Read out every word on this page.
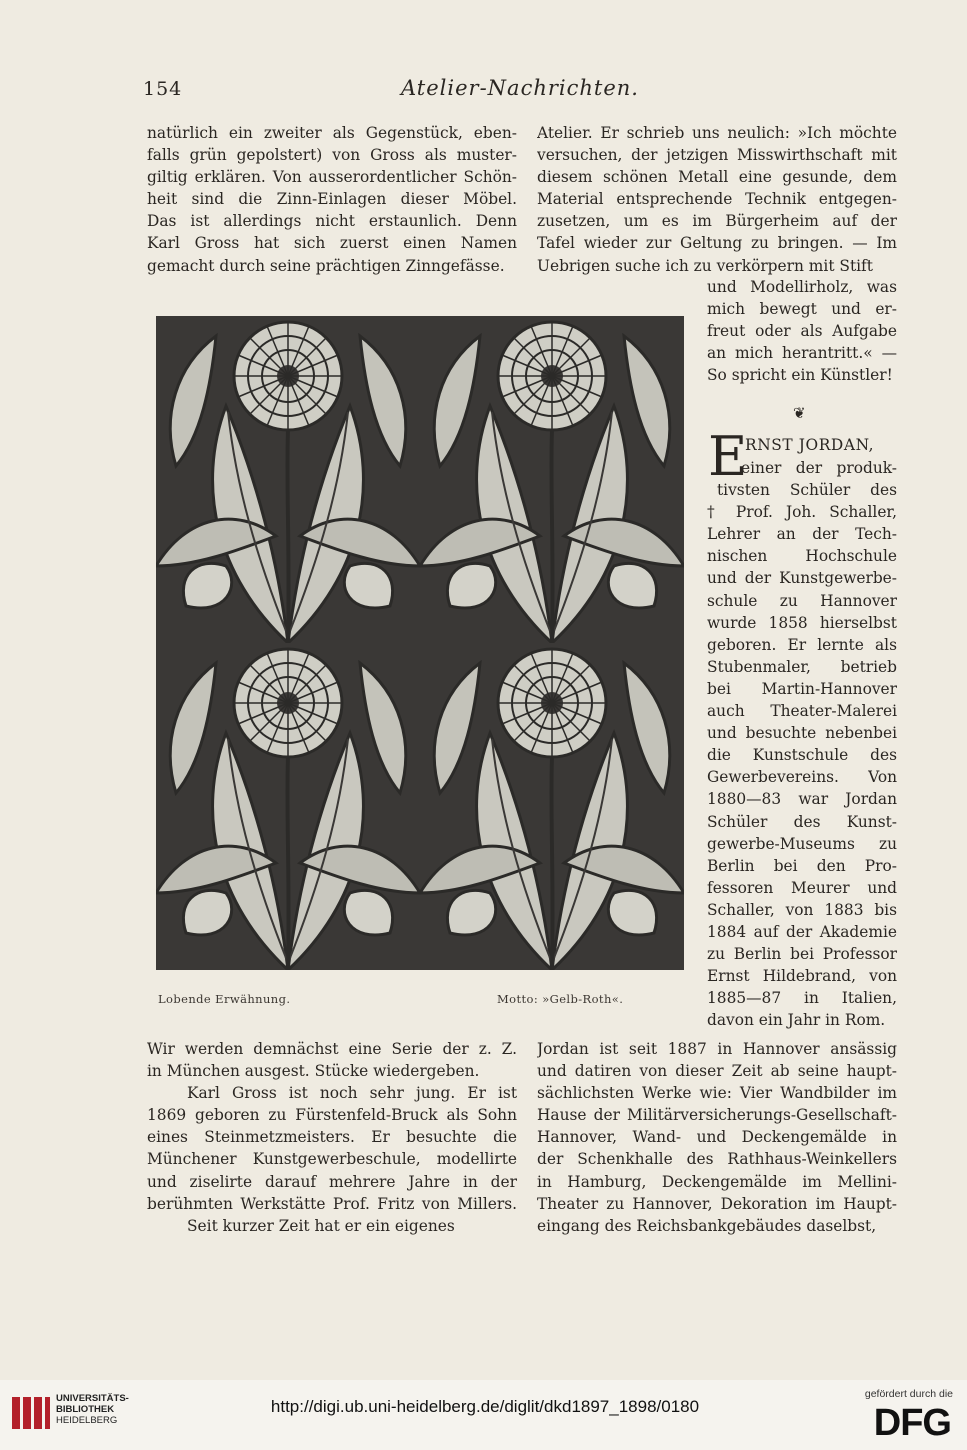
154	Atelier-Nachrichten.
natürlich ein zweiter als Gegenstück, eben-
falls grün gepolstert) von Gross als muster-
giltig erklären. Von ausserordentlicher Schön-
heit sind die Zinn-Einlagen dieser Möbel.
Das ist allerdings nicht erstaunlich. Denn
Karl Gross hat sich zuerst einen Namen
gemacht durch seine prächtigen Zinngefässe.
Atelier. Er schrieb uns neulich: »Ich möchte
versuchen, der jetzigen Misswirthschaft mit
diesem schönen Metall eine gesunde, dem
Material entsprechende Technik entgegen-
zusetzen, um es im Bürgerheim auf der
Tafel wieder zur Geltung zu bringen. — Im
Uebrigen suche ich zu verkörpern mit Stift
und Modellirholz, was
mich bewegt und er-
freut oder als Aufgabe
an mich herantritt.« —
So spricht ein Künstler!
❦
E
RNST JORDAN,
einer der produk-
tivsten Schüler des
† Prof. Joh. Schaller,
Lehrer an der Tech-
nischen Hochschule
und der Kunstgewerbe-
schule zu Hannover
wurde 1858 hierselbst
geboren. Er lernte als
Stubenmaler, betrieb
bei Martin-Hannover
auch Theater-Malerei
und besuchte nebenbei
die Kunstschule des
Gewerbevereins. Von
1880—83 war Jordan
Schüler des Kunst-
gewerbe-Museums zu
Berlin bei den Pro-
fessoren Meurer und
Schaller, von 1883 bis
1884 auf der Akademie
zu Berlin bei Professor
Ernst Hildebrand, von
1885—87 in Italien,
davon ein Jahr in Rom.
Lobende Erwähnung.	Motto: »Gelb-Roth«.
Wir werden demnächst eine Serie der z. Z.
in München ausgest. Stücke wiedergeben.
Karl Gross ist noch sehr jung. Er ist
1869 geboren zu Fürstenfeld-Bruck als Sohn
eines Steinmetzmeisters. Er besuchte die
Münchener Kunstgewerbeschule, modellirte
und ziselirte darauf mehrere Jahre in der
berühmten Werkstätte Prof. Fritz von Millers.
Seit kurzer Zeit hat er ein eigenes
Jordan ist seit 1887 in Hannover ansässig
und datiren von dieser Zeit ab seine haupt-
sächlichsten Werke wie: Vier Wandbilder im
Hause der Militärversicherungs-Gesellschaft-
Hannover, Wand- und Deckengemälde in
der Schenkhalle des Rathhaus-Weinkellers
in Hamburg, Deckengemälde im Mellini-
Theater zu Hannover, Dekoration im Haupt-
eingang des Reichsbankgebäudes daselbst,
UNIVERSITÄTS-
BIBLIOTHEK
HEIDELBERG
http://digi.ub.uni-heidelberg.de/diglit/dkd1897_1898/0180
gefördert durch die
DFG
